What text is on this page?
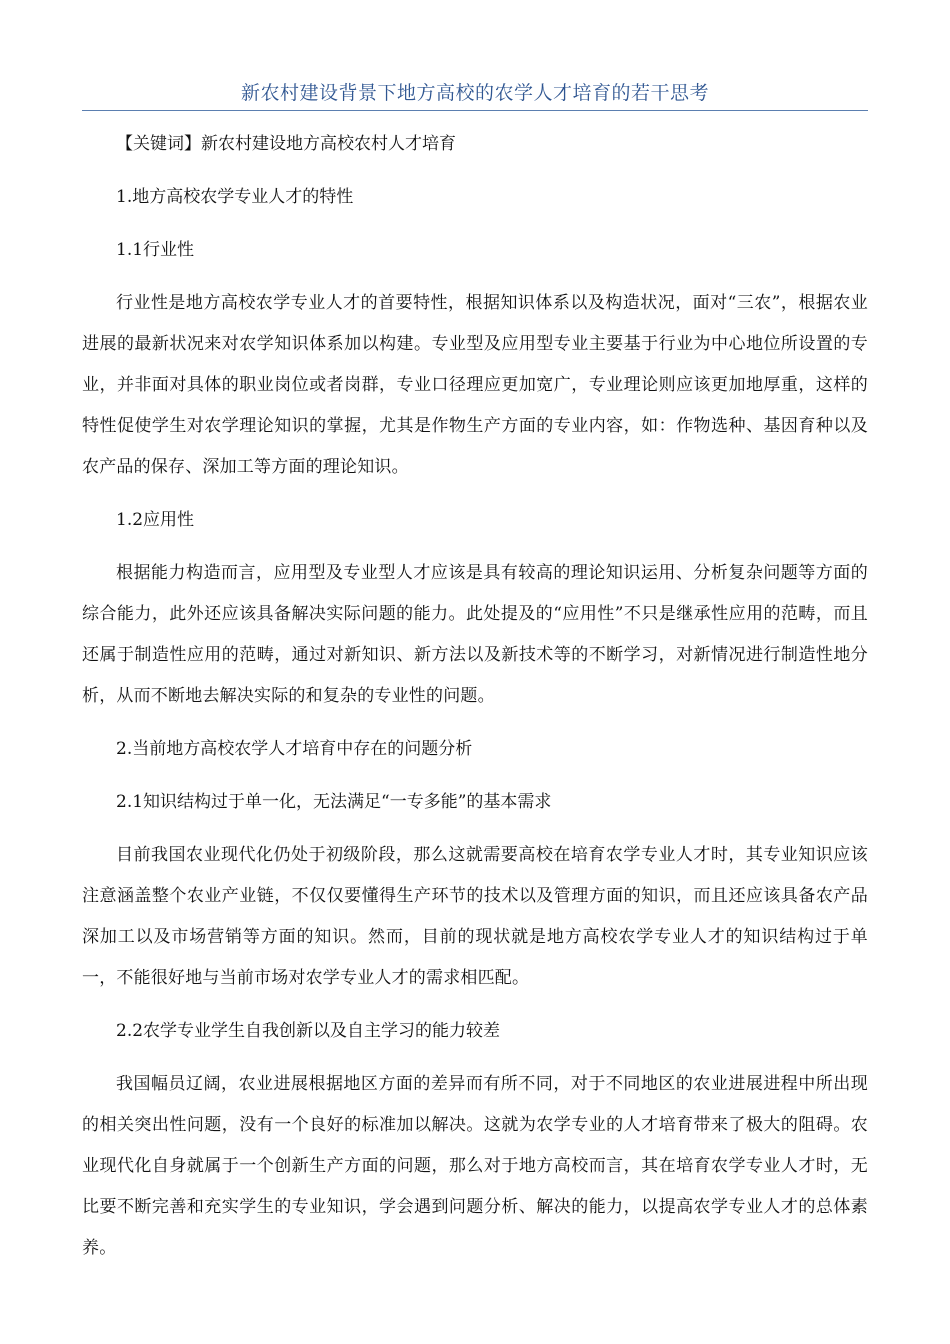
新农村建设背景下地方高校的农学人才培育的若干思考
【关键词】新农村建设地方高校农村人才培育
1.地方高校农学专业人才的特性
1.1行业性

行业性是地方高校农学专业人才的首要特性，根据知识体系以及构造状况，面对“三农”，根据农业进展的最新状况来对农学知识体系加以构建。专业型及应用型专业主要基于行业为中心地位所设置的专业，并非面对具体的职业岗位或者岗群，专业口径理应更加宽广，专业理论则应该更加地厚重，这样的特性促使学生对农学理论知识的掌握，尤其是作物生产方面的专业内容，如：作物选种、基因育种以及农产品的保存、深加工等方面的理论知识。

1.2应用性

根据能力构造而言，应用型及专业型人才应该是具有较高的理论知识运用、分析复杂问题等方面的综合能力，此外还应该具备解决实际问题的能力。此处提及的“应用性”不只是继承性应用的范畴，而且还属于制造性应用的范畴，通过对新知识、新方法以及新技术等的不断学习，对新情况进行制造性地分析，从而不断地去解决实际的和复杂的专业性的问题。

2.当前地方高校农学人才培育中存在的问题分析
2.1知识结构过于单一化，无法满足“一专多能”的基本需求

目前我国农业现代化仍处于初级阶段，那么这就需要高校在培育农学专业人才时，其专业知识应该注意涵盖整个农业产业链，不仅仅要懂得生产环节的技术以及管理方面的知识，而且还应该具备农产品深加工以及市场营销等方面的知识。然而，目前的现状就是地方高校农学专业人才的知识结构过于单一，不能很好地与当前市场对农学专业人才的需求相匹配。

2.2农学专业学生自我创新以及自主学习的能力较差

我国幅员辽阔，农业进展根据地区方面的差异而有所不同，对于不同地区的农业进展进程中所出现的相关突出性问题，没有一个良好的标准加以解决。这就为农学专业的人才培育带来了极大的阻碍。农业现代化自身就属于一个创新生产方面的问题，那么对于地方高校而言，其在培育农学专业人才时，无比要不断完善和充实学生的专业知识，学会遇到问题分析、解决的能力，以提高农学专业人才的总体素养。
